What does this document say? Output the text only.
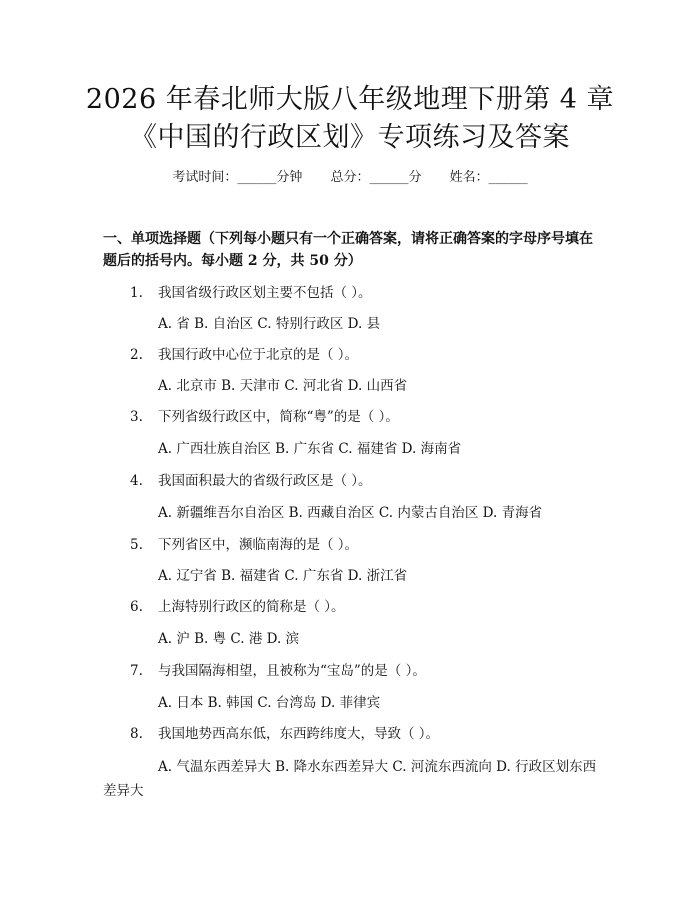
2026 年春北师大版八年级地理下册第 4 章
《中国的行政区划》专项练习及答案
考试时间：______分钟 总分：______分 姓名：______

一、单项选择题（下列每小题只有一个正确答案，请将正确答案的字母序号填在题后的括号内。每小题 2 分，共 50 分）

1. 我国省级行政区划主要不包括（ ）。
A. 省 B. 自治区 C. 特别行政区 D. 县
2. 我国行政中心位于北京的是（ ）。
A. 北京市 B. 天津市 C. 河北省 D. 山西省
3. 下列省级行政区中，简称“粤”的是（ ）。
A. 广西壮族自治区 B. 广东省 C. 福建省 D. 海南省
4. 我国面积最大的省级行政区是（ ）。
A. 新疆维吾尔自治区 B. 西藏自治区 C. 内蒙古自治区 D. 青海省
5. 下列省区中，濒临南海的是（ ）。
A. 辽宁省 B. 福建省 C. 广东省 D. 浙江省
6. 上海特别行政区的简称是（ ）。
A. 沪 B. 粤 C. 港 D. 滨
7. 与我国隔海相望，且被称为“宝岛”的是（ ）。
A. 日本 B. 韩国 C. 台湾岛 D. 菲律宾
8. 我国地势西高东低，东西跨纬度大，导致（ ）。

A. 气温东西差异大 B. 降水东西差异大 C. 河流东西流向 D. 行政区划东西差异大
